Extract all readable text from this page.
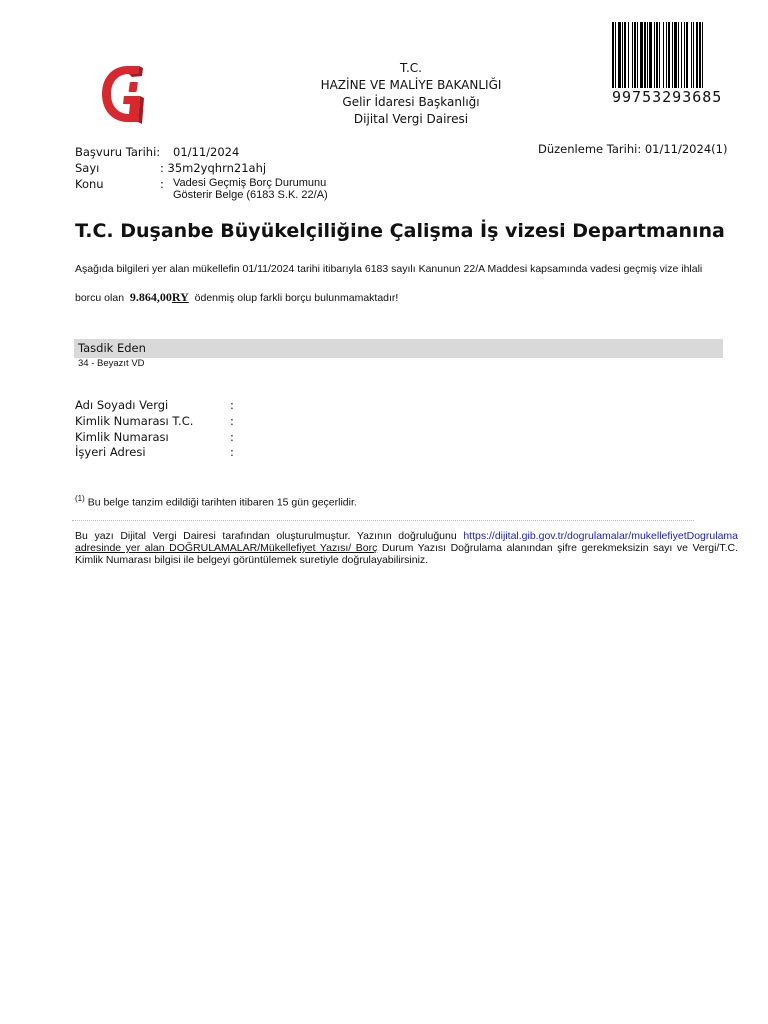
T.C.
HAZİNE VE MALİYE BAKANLIĞI
Gelir İdaresi Başkanlığı
Dijital Vergi Dairesi
99753293685
Başvuru Tarihi: 01/11/2024
Sayı	: 35m2yqhrn21ahj
Konu	: Vadesi Geçmiş Borç Durumunu
Gösterir Belge (6183 S.K. 22/A)
Düzenleme Tarihi: 01/11/2024(1)
T.C. Duşanbe Büyükelçiliğine Çalişma İş vizesi Departmanına
Aşağıda bilgileri yer alan mükellefin 01/11/2024 tarihi itibarıyla 6183 sayılı Kanunun 22/A Maddesi kapsamında vadesi geçmiş vize ihlali
borcu olan 9.864,00RY ödenmiş olup farkli borçu bulunmamaktadır!
Tasdik Eden
34 - Beyazıt VD
Adı Soyadı Vergi	:
Kimlik Numarası T.C.	:
Kimlik Numarası	:
İşyeri Adresi	:
$^{(1)}$ Bu belge tanzim edildiği tarihten itibaren 15 gün geçerlidir.
Bu yazı Dijital Vergi Dairesi tarafından oluşturulmuştur. Yazının doğruluğunu https://dijital.gib.gov.tr/dogrulamalar/mukellefiyetDogrulama adresinde yer alan DOĞRULAMALAR/Mükellefiyet Yazısı/ Borç Durum Yazısı Doğrulama alanından şifre gerekmeksizin sayı ve Vergi/T.C. Kimlik Numarası bilgisi ile belgeyi görüntülemek suretiyle doğrulayabilirsiniz.
